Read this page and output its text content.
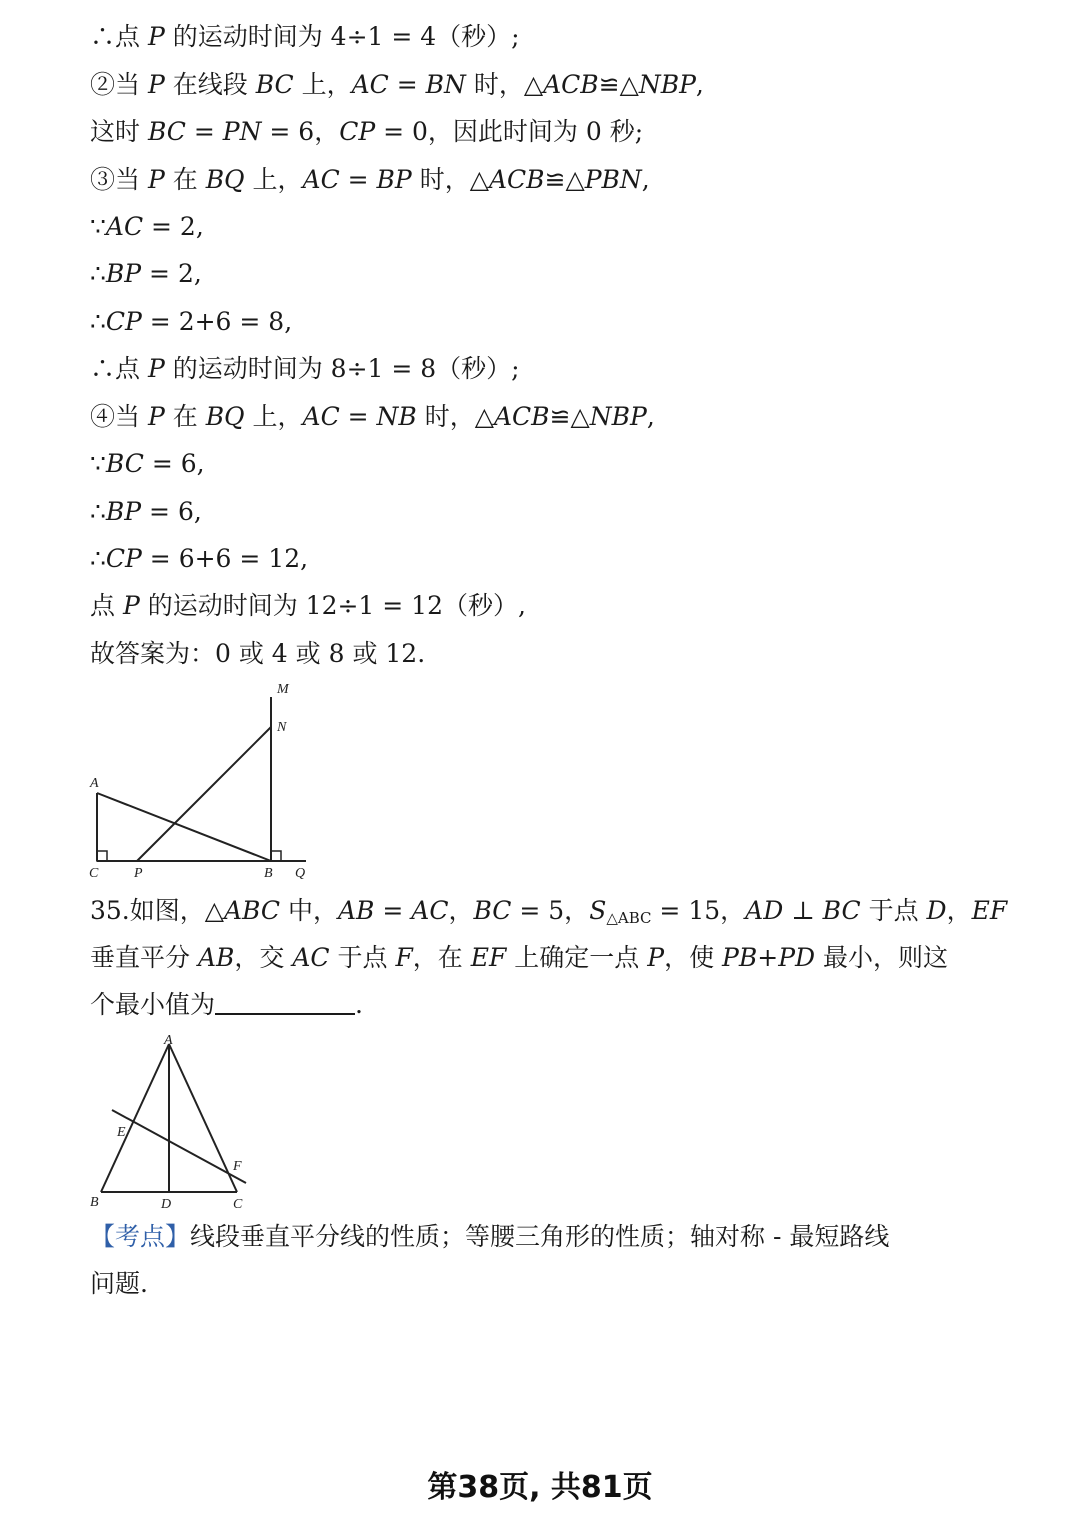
∴点 P 的运动时间为 4÷1 = 4（秒）;
②当 P 在线段 BC 上，AC = BN 时，△ACB≌△NBP,
这时 BC = PN = 6，CP = 0，因此时间为 0 秒;
③当 P 在 BQ 上，AC = BP 时，△ACB≌△PBN,
∵AC = 2,
∴BP = 2,
∴CP = 2+6 = 8,
∴点 P 的运动时间为 8÷1 = 8（秒）;
④当 P 在 BQ 上，AC = NB 时，△ACB≌△NBP,
∵BC = 6,
∴BP = 6,
∴CP = 6+6 = 12,
点 P 的运动时间为 12÷1 = 12（秒）,
故答案为：0 或 4 或 8 或 12.
M
N
A
C	P	B Q
35.如图，△ABC 中，AB = AC，BC = 5，$S_{\triangle ABC} = 15$，AD ⊥ BC 于点 D，EF
垂直平分 AB，交 AC 于点 F，在 EF 上确定一点 P，使 PB+PD 最小，则这
个最小值为	.
A
E
F
B	D	C
【考点】线段垂直平分线的性质；等腰三角形的性质；轴对称 - 最短路线
问题.
第38页, 共81页
